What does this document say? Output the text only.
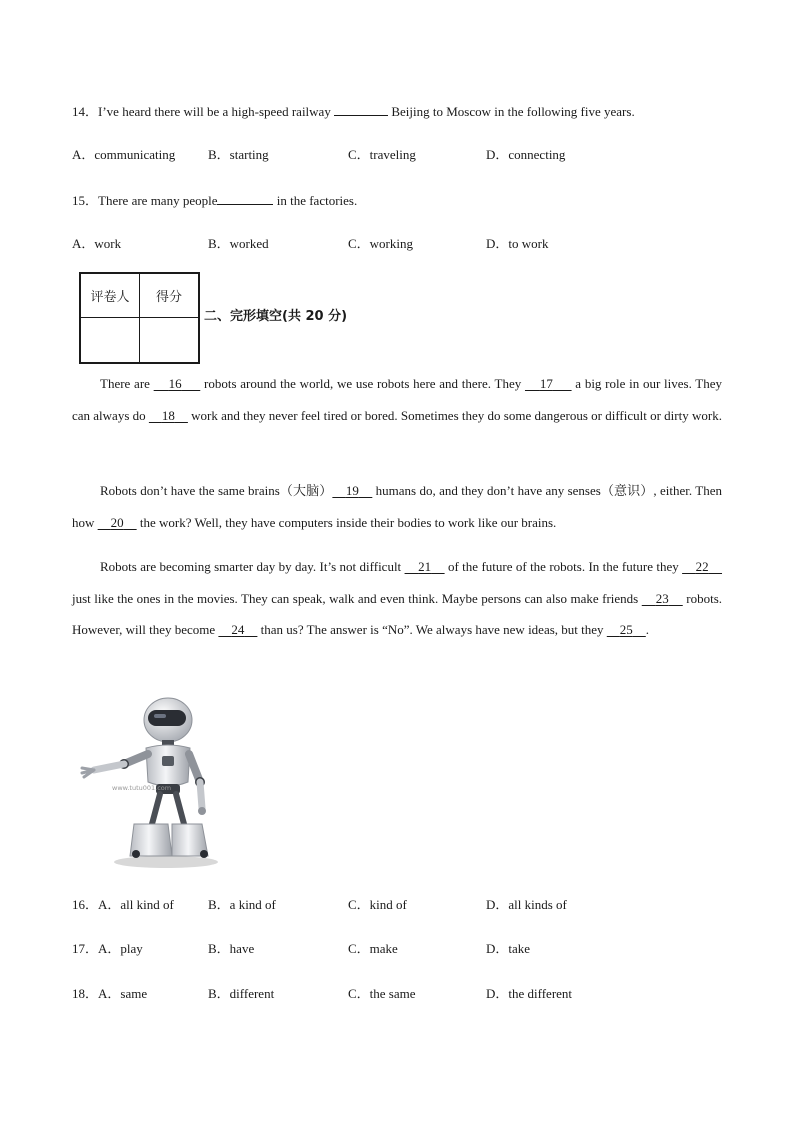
14．I’ve heard there will be a high-speed railway	Beijing to Moscow in the following five years.
A．communicating	B．starting	C．traveling	D．connecting
15．There are many people	in the factories.
A．work	B．worked	C．working	D．to work
评卷人	得分

二、完形填空(共 20 分)
There are     16      robots around the world, we use robots here and there. They     17      a big role in our lives. They can always do     18     work and they never feel tired or bored. Sometimes they do some dangerous or difficult or dirty work.
Robots don’t have the same brains（大脑） 19     humans do, and they don’t have any senses（意识）, either. Then how     20     the work? Well, they have computers inside their bodies to work like our brains.
Robots are becoming smarter day by day. It’s not difficult     21     of the future of the robots. In the future they     22     just like the ones in the movies. They can speak, walk and even think. Maybe persons can also make friends     23     robots. However, will they become     24     than us? The answer is “No”. We always have new ideas, but they     25 .
www.tutu001.com
16．A．all kind of	B．a kind of	C．kind of	D．all kinds of
17．A．play	B．have	C．make	D．take
18．A．same	B．different	C．the same	D．the different
